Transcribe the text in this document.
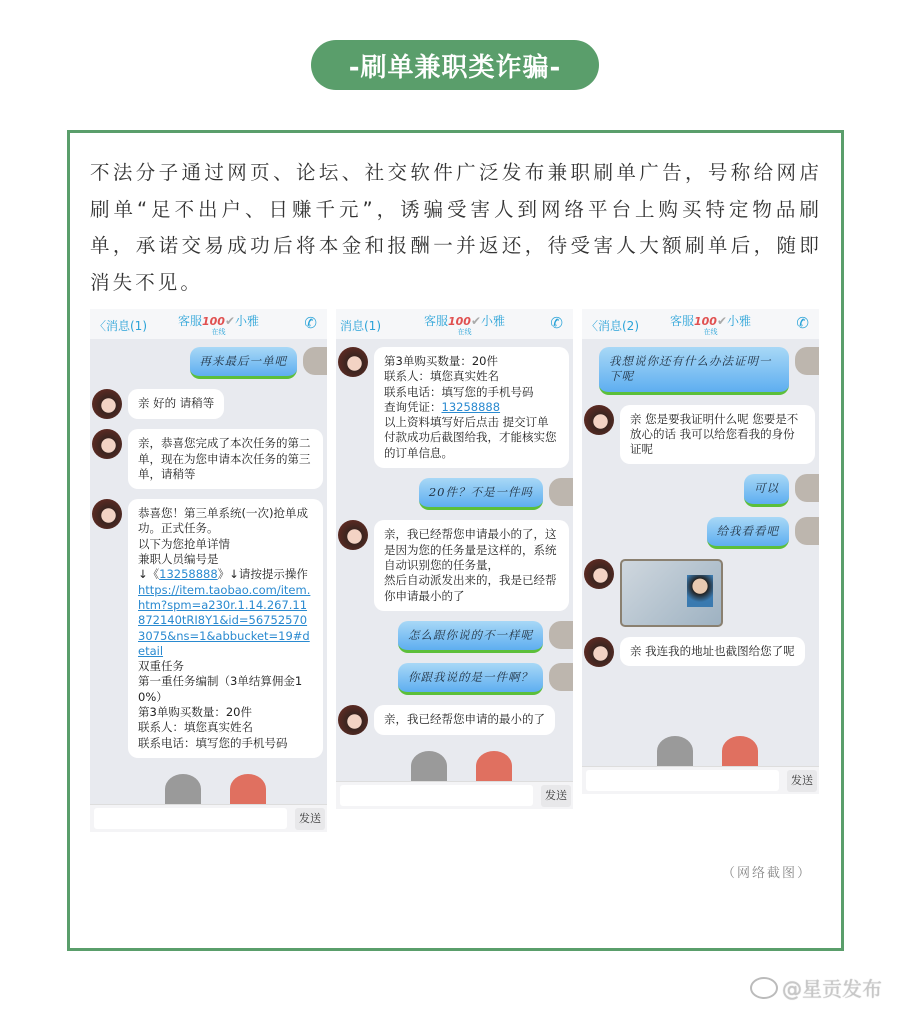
-刷单兼职类诈骗-

不法分子通过网页、论坛、社交软件广泛发布兼职刷单广告，号称给网店刷单“足不出户、日赚千元”，诱骗受害人到网络平台上购买特定物品刷单，承诺交易成功后将本金和报酬一并返还，待受害人大额刷单后，随即消失不见。

〈消息(1)	客服100✔小雅
在线	✆
再来最后一单吧
亲 好的 请稍等
亲，恭喜您完成了本次任务的第二单，现在为您申请本次任务的第三单，请稍等
恭喜您！第三单系统(一次)抢单成功。正式任务。
以下为您抢单详情
兼职人员编号是
↓《13258888》↓请按提示操作
https://item.taobao.com/item.htm?spm=a230r.1.14.267.11872140tRI8Y1&id=567525703075&ns=1&abbucket=19#detail
双重任务
第一重任务编制（3单结算佣金10%）
第3单购买数量：20件
联系人：填您真实姓名
联系电话：填写您的手机号码
发送
消息(1)	客服100✔小雅
在线	✆
第3单购买数量：20件
联系人：填您真实姓名
联系电话：填写您的手机号码
查询凭证：13258888
以上资料填写好后点击 提交订单 付款成功后截图给我，才能核实您的订单信息。
20件？不是一件吗
亲，我已经帮您申请最小的了，这是因为您的任务量是这样的，系统自动识别您的任务量，
然后自动派发出来的，我是已经帮你申请最小的了
怎么跟你说的不一样呢
你跟我说的是一件啊？
亲，我已经帮您申请的最小的了
发送
〈消息(2)	客服100✔小雅
在线	✆
我想说你还有什么办法证明一下呢
亲 您是要我证明什么呢 您要是不放心的话 我可以给您看我的身份证呢
可以
给我看看吧
亲 我连我的地址也截图给您了呢
发送
（网络截图）
@星贡发布
